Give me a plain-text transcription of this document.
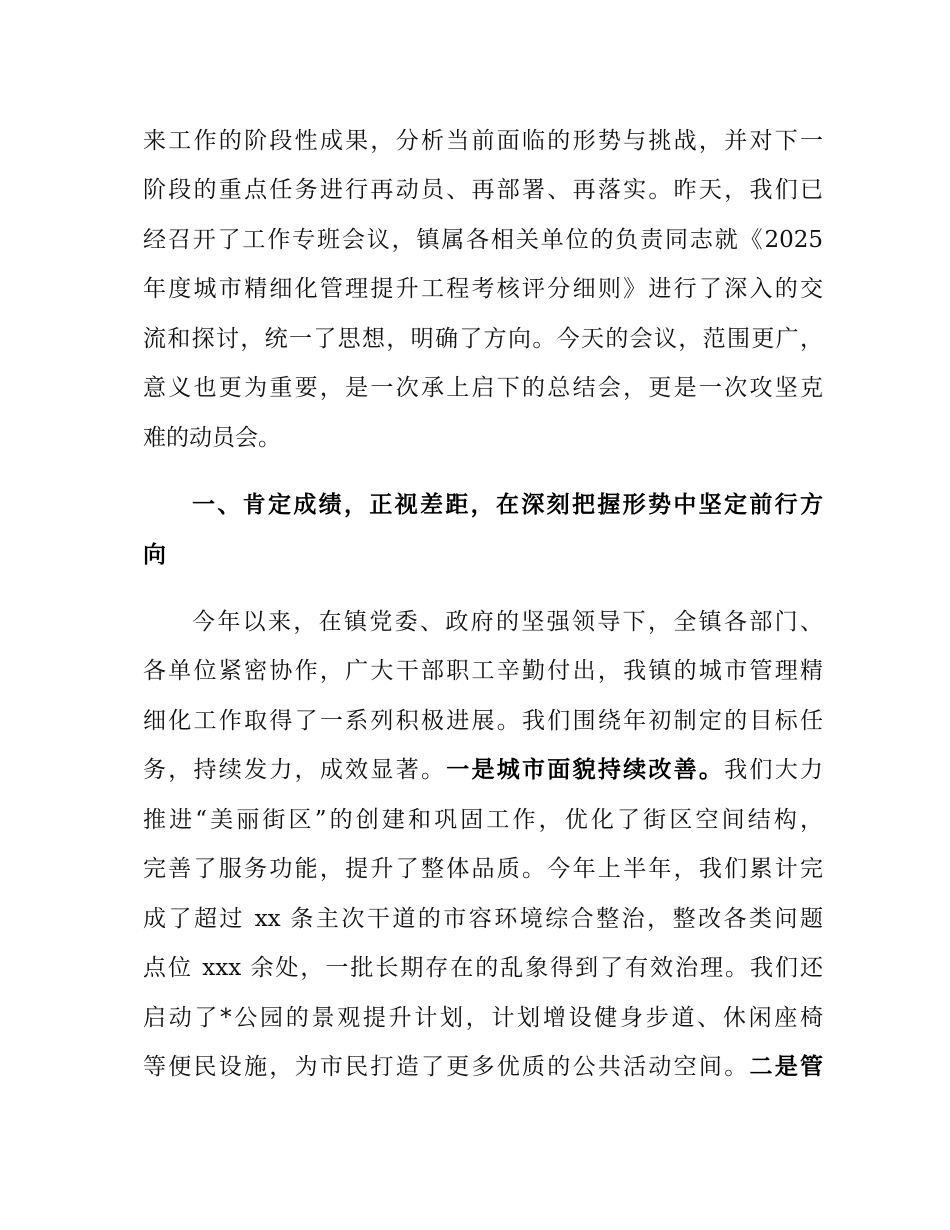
来工作的阶段性成果，分析当前面临的形势与挑战，并对下一
阶段的重点任务进行再动员、再部署、再落实。昨天，我们已
经召开了工作专班会议，镇属各相关单位的负责同志就《2025
年度城市精细化管理提升工程考核评分细则》进行了深入的交
流和探讨，统一了思想，明确了方向。今天的会议，范围更广，
意义也更为重要，是一次承上启下的总结会，更是一次攻坚克
难的动员会。
一、肯定成绩，正视差距，在深刻把握形势中坚定前行方
向
今年以来，在镇党委、政府的坚强领导下，全镇各部门、
各单位紧密协作，广大干部职工辛勤付出，我镇的城市管理精
细化工作取得了一系列积极进展。我们围绕年初制定的目标任
务，持续发力，成效显著。一是城市面貌持续改善。我们大力
推进“美丽街区”的创建和巩固工作，优化了街区空间结构，
完善了服务功能，提升了整体品质。今年上半年，我们累计完
成了超过 xx 条主次干道的市容环境综合整治，整改各类问题
点位 xxx 余处，一批长期存在的乱象得到了有效治理。我们还
启动了*公园的景观提升计划，计划增设健身步道、休闲座椅
等便民设施，为市民打造了更多优质的公共活动空间。二是管
